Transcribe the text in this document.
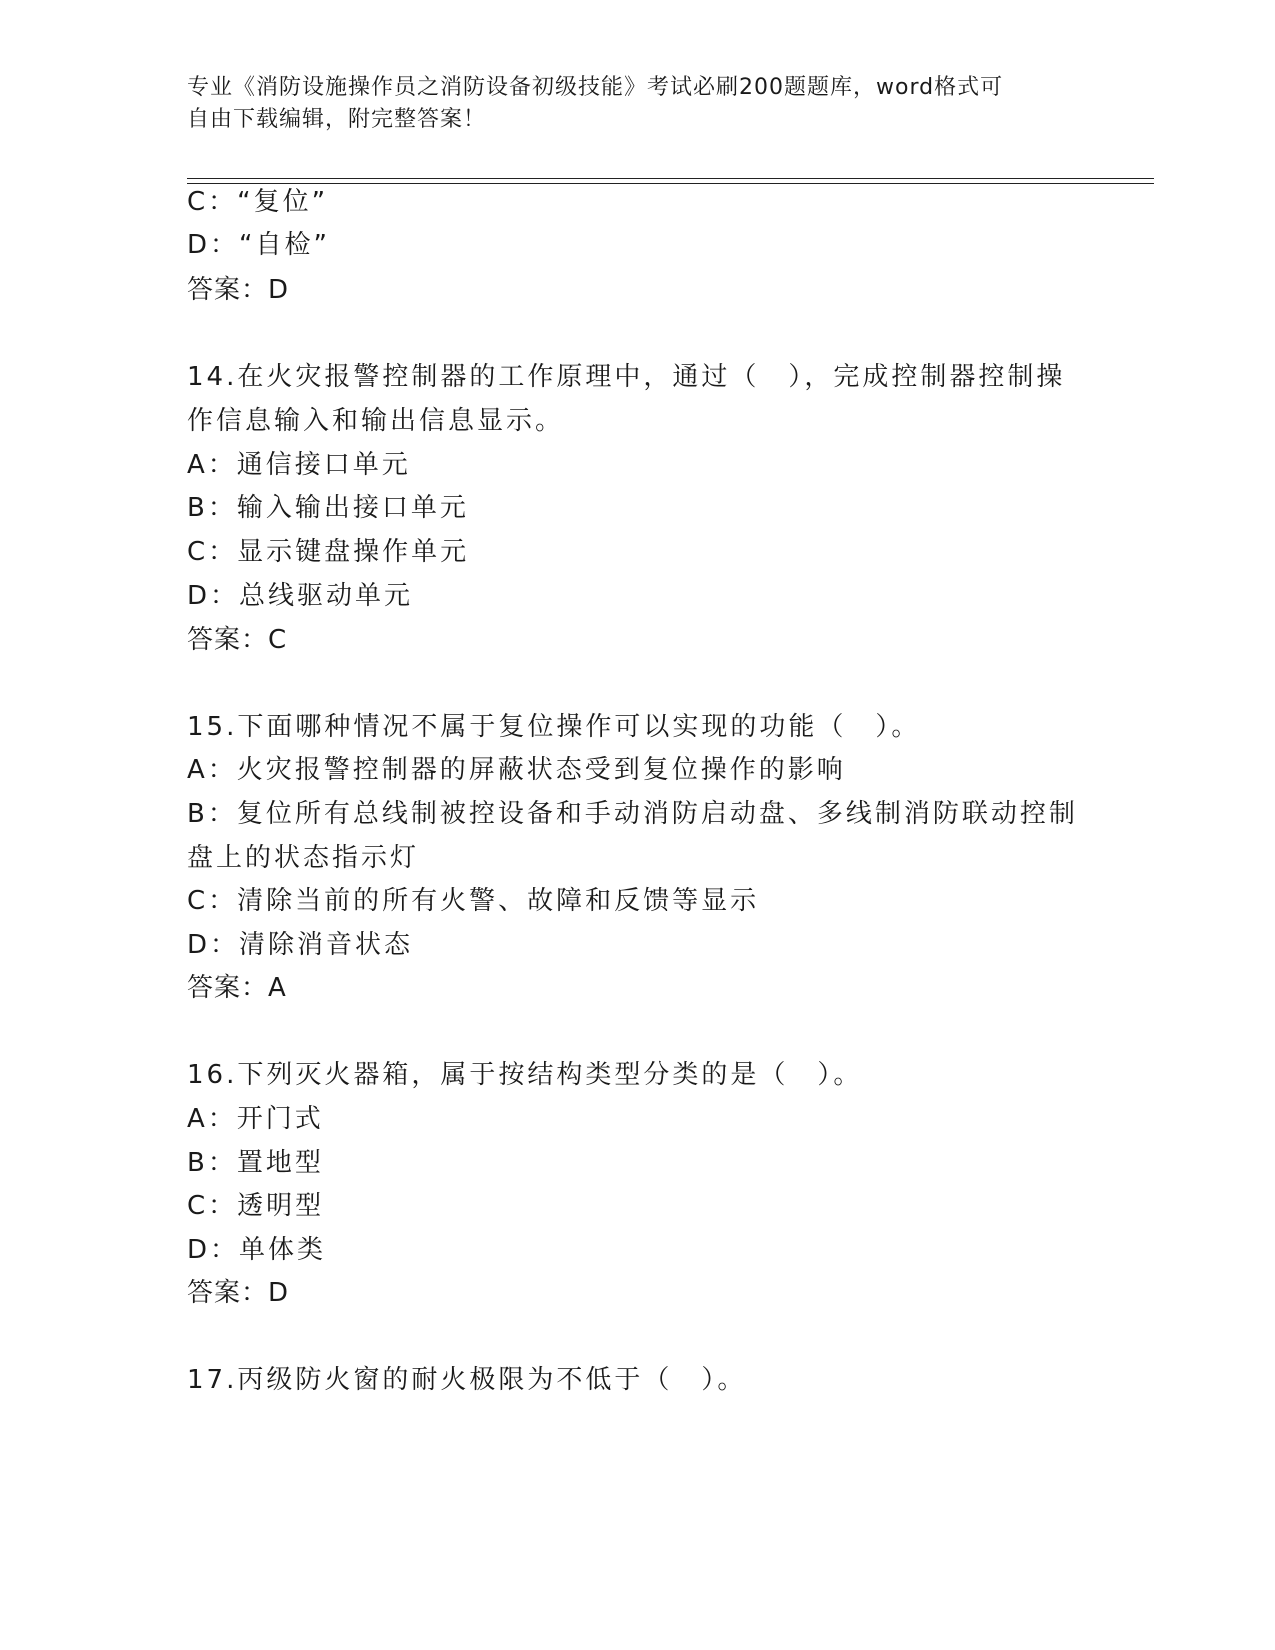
专业《消防设施操作员之消防设备初级技能》考试必刷200题题库，word格式可
自由下载编辑，附完整答案！
C：“复位”
D：“自检”
答案：D
14.在火灾报警控制器的工作原理中，通过（　），完成控制器控制操
作信息输入和输出信息显示。
A：通信接口单元
B：输入输出接口单元
C：显示键盘操作单元
D：总线驱动单元
答案：C
15.下面哪种情况不属于复位操作可以实现的功能（　）。
A：火灾报警控制器的屏蔽状态受到复位操作的影响
B：复位所有总线制被控设备和手动消防启动盘、多线制消防联动控制
盘上的状态指示灯
C：清除当前的所有火警、故障和反馈等显示
D：清除消音状态
答案：A
16.下列灭火器箱，属于按结构类型分类的是（　）。
A：开门式
B：置地型
C：透明型
D：单体类
答案：D
17.丙级防火窗的耐火极限为不低于（　）。
